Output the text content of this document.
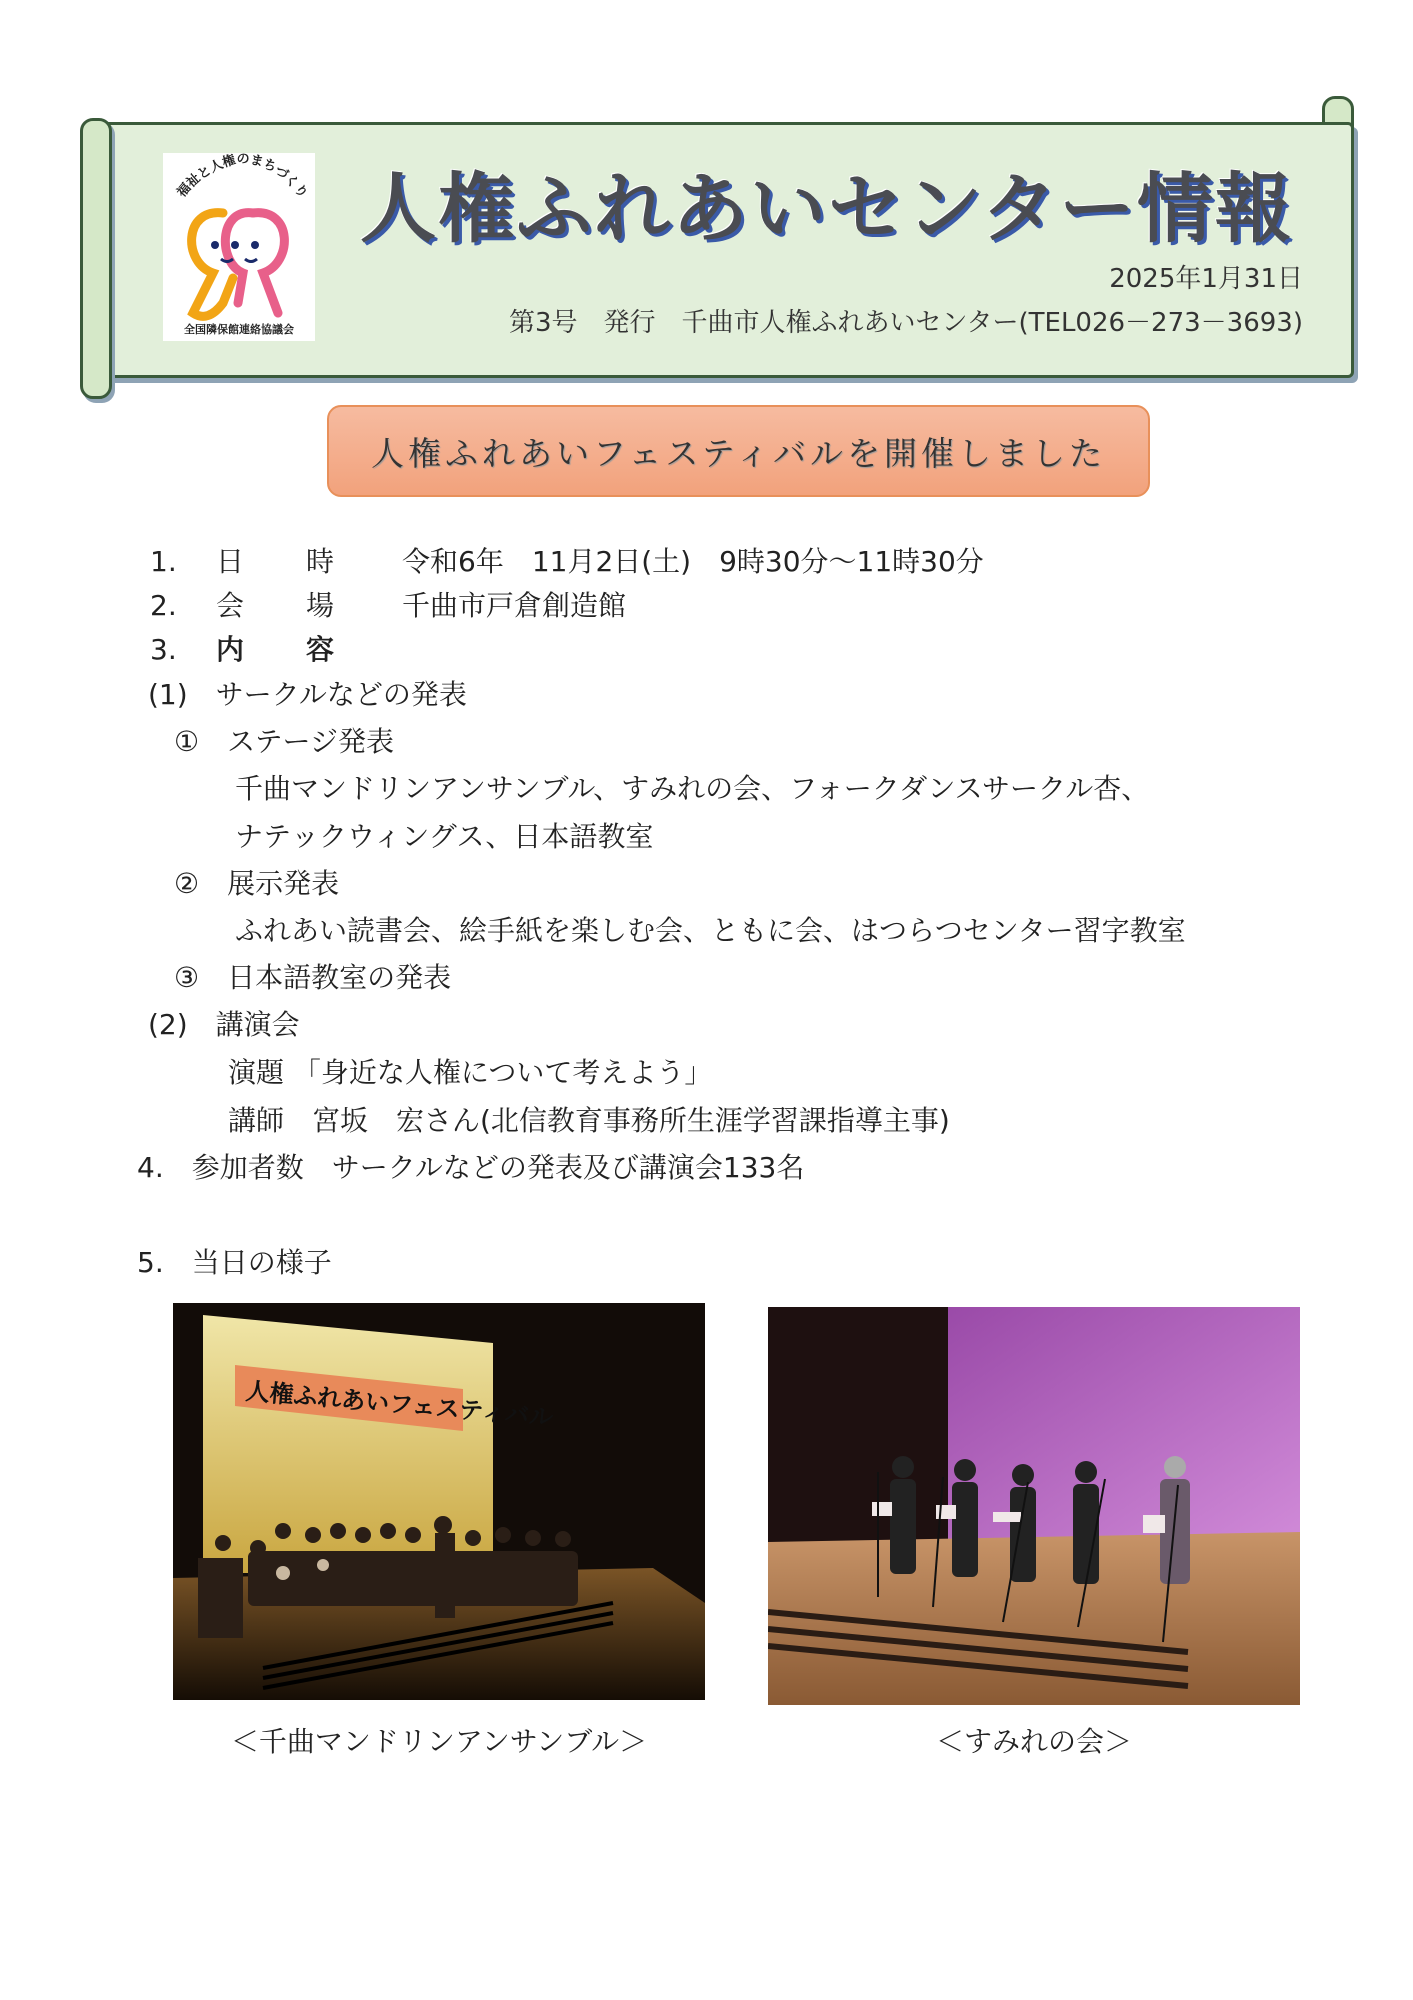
福祉と人権のまちづくり
全国隣保館連絡協議会
人権ふれあいセンター情報
2025年1月31日
第3号　発行　千曲市人権ふれあいセンター(TEL026－273－3693)
人権ふれあいフェスティバルを開催しました
1. 日 時 令和6年　11月2日(土)　9時30分～11時30分
2. 会 場 千曲市戸倉創造館
3. 内 容
(1)　サークルなどの発表
①　ステージ発表
千曲マンドリンアンサンブル、すみれの会、フォークダンスサークル杏、
ナテックウィングス、日本語教室
②　展示発表
ふれあい読書会、絵手紙を楽しむ会、ともに会、はつらつセンター習字教室
③　日本語教室の発表
(2)　講演会
演題 「身近な人権について考えよう」
講師　宮坂　宏さん(北信教育事務所生涯学習課指導主事)
4.　参加者数　サークルなどの発表及び講演会133名
5.　当日の様子
人権ふれあいフェスティバル
＜千曲マンドリンアンサンブル＞	＜すみれの会＞
